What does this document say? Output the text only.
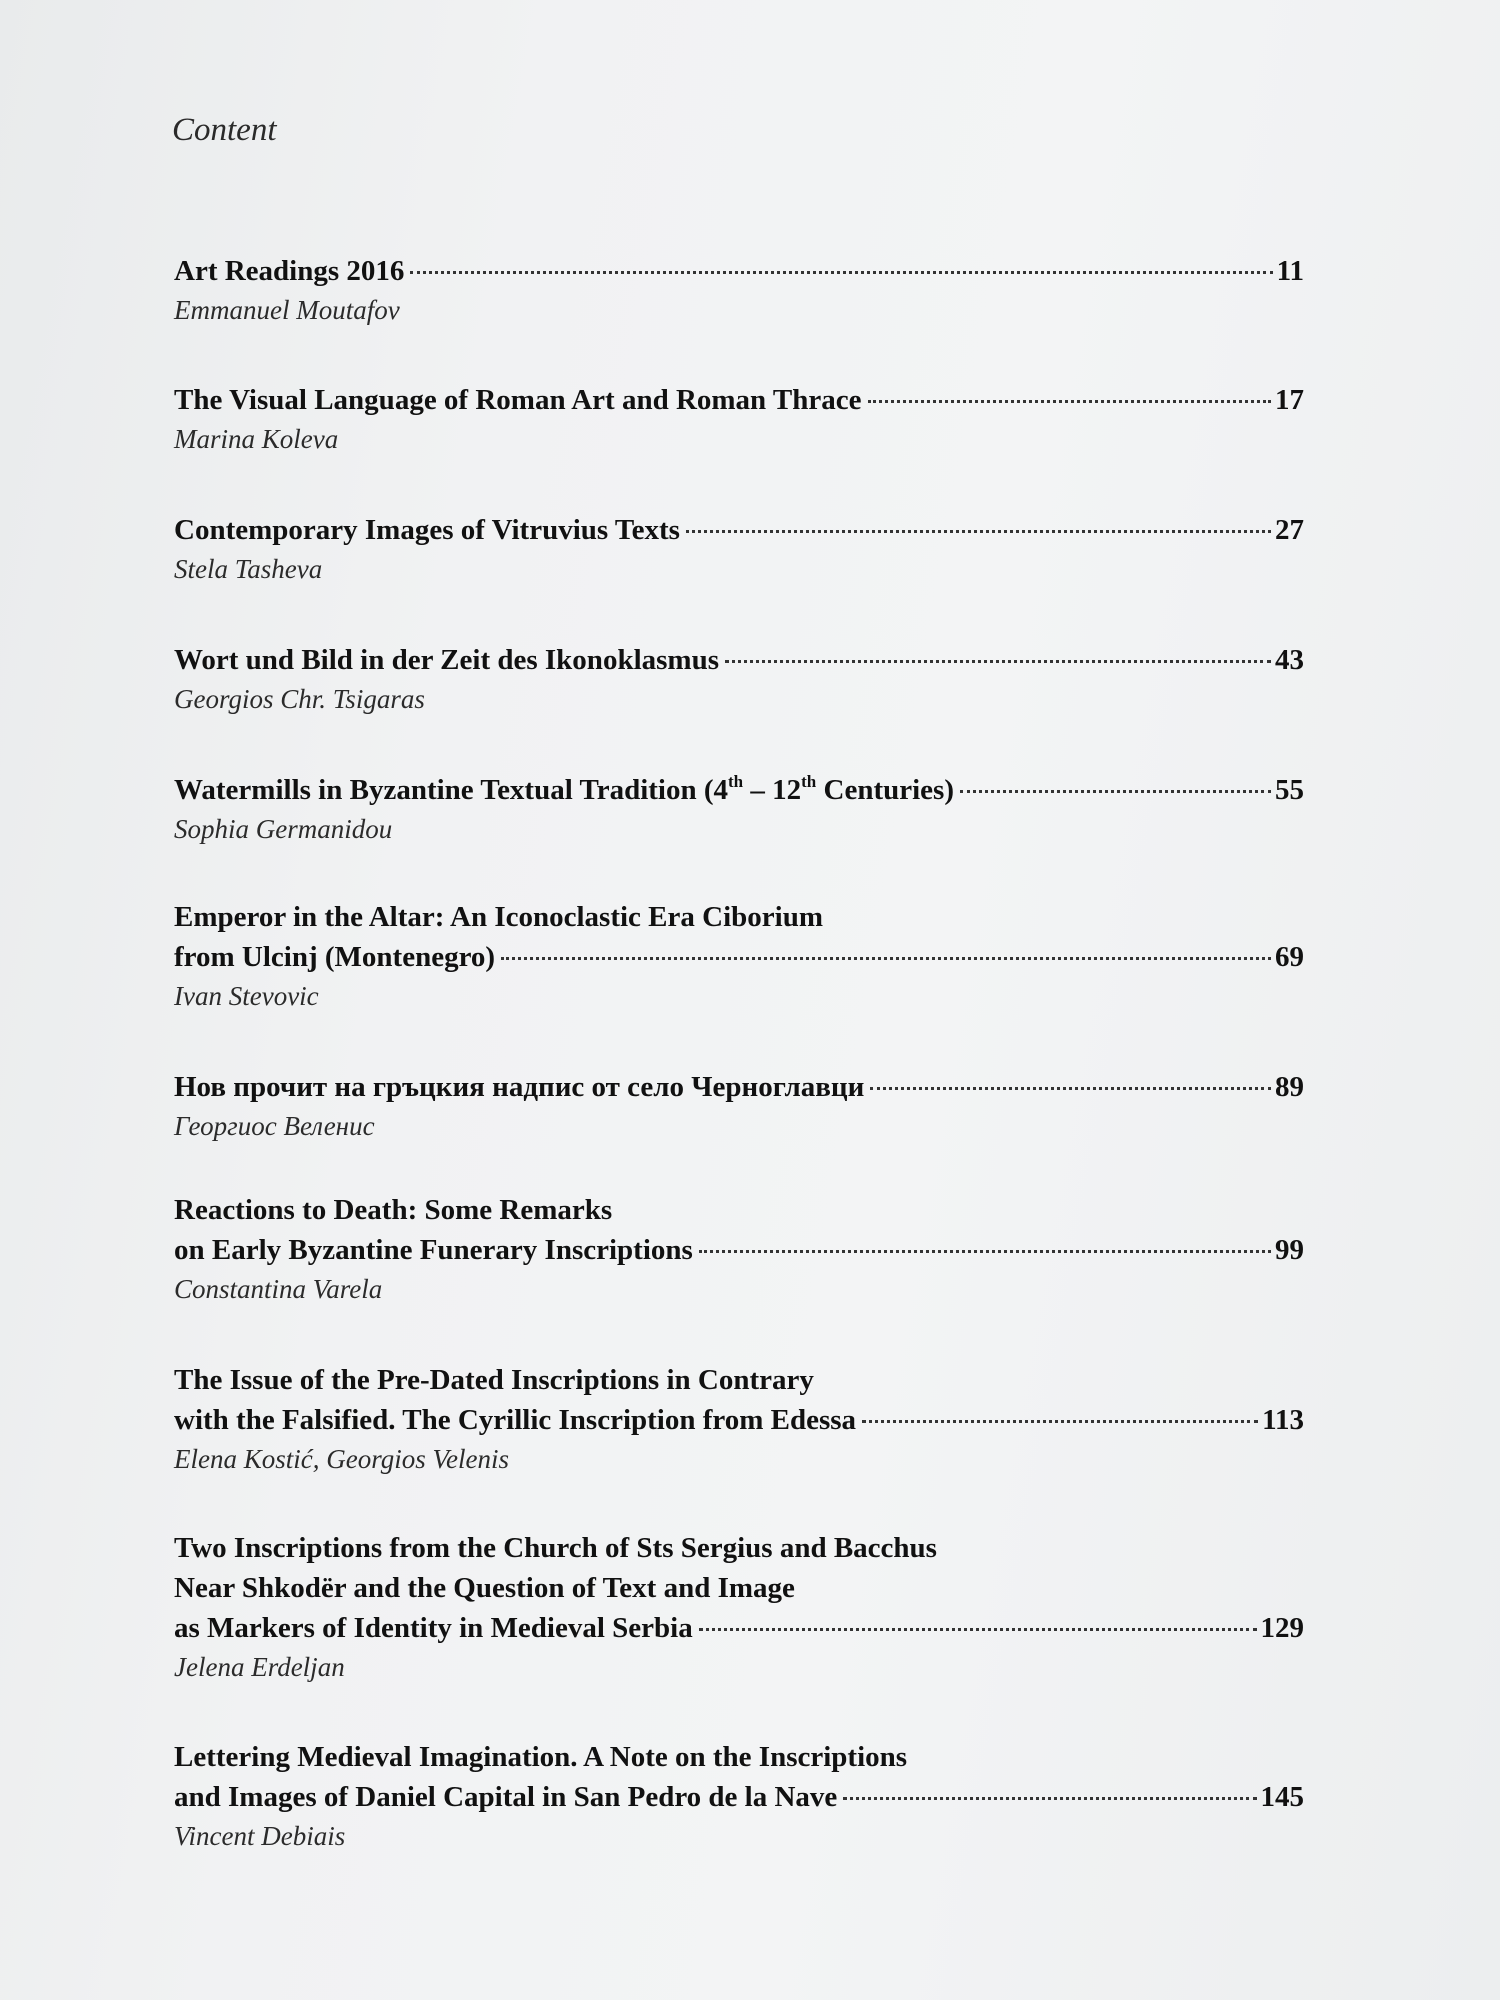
Content
Art Readings 2016	11
Emmanuel Moutafov
The Visual Language of Roman Art and Roman Thrace	17
Marina Koleva
Contemporary Images of Vitruvius Texts	27
Stela Tasheva
Wort und Bild in der Zeit des Ikonoklasmus	43
Georgios Chr. Tsigaras
Watermills in Byzantine Textual Tradition (4th – 12th Centuries)	55
Sophia Germanidou
Emperor in the Altar: An Iconoclastic Era Ciborium
from Ulcinj (Montenegro)	69
Ivan Stevovic
Нов прочит на гръцкия надпис от село Черноглавци	89
Георгиос Веленис
Reactions to Death: Some Remarks
on Early Byzantine Funerary Inscriptions	99
Constantina Varela
The Issue of the Pre-Dated Inscriptions in Contrary
with the Falsified. The Cyrillic Inscription from Edessa	113
Elena Kostić, Georgios Velenis
Two Inscriptions from the Church of Sts Sergius and Bacchus
Near Shkodër and the Question of Text and Image
as Markers of Identity in Medieval Serbia	129
Jelena Erdeljan
Lettering Medieval Imagination. A Note on the Inscriptions
and Images of Daniel Capital in San Pedro de la Nave	145
Vincent Debiais
